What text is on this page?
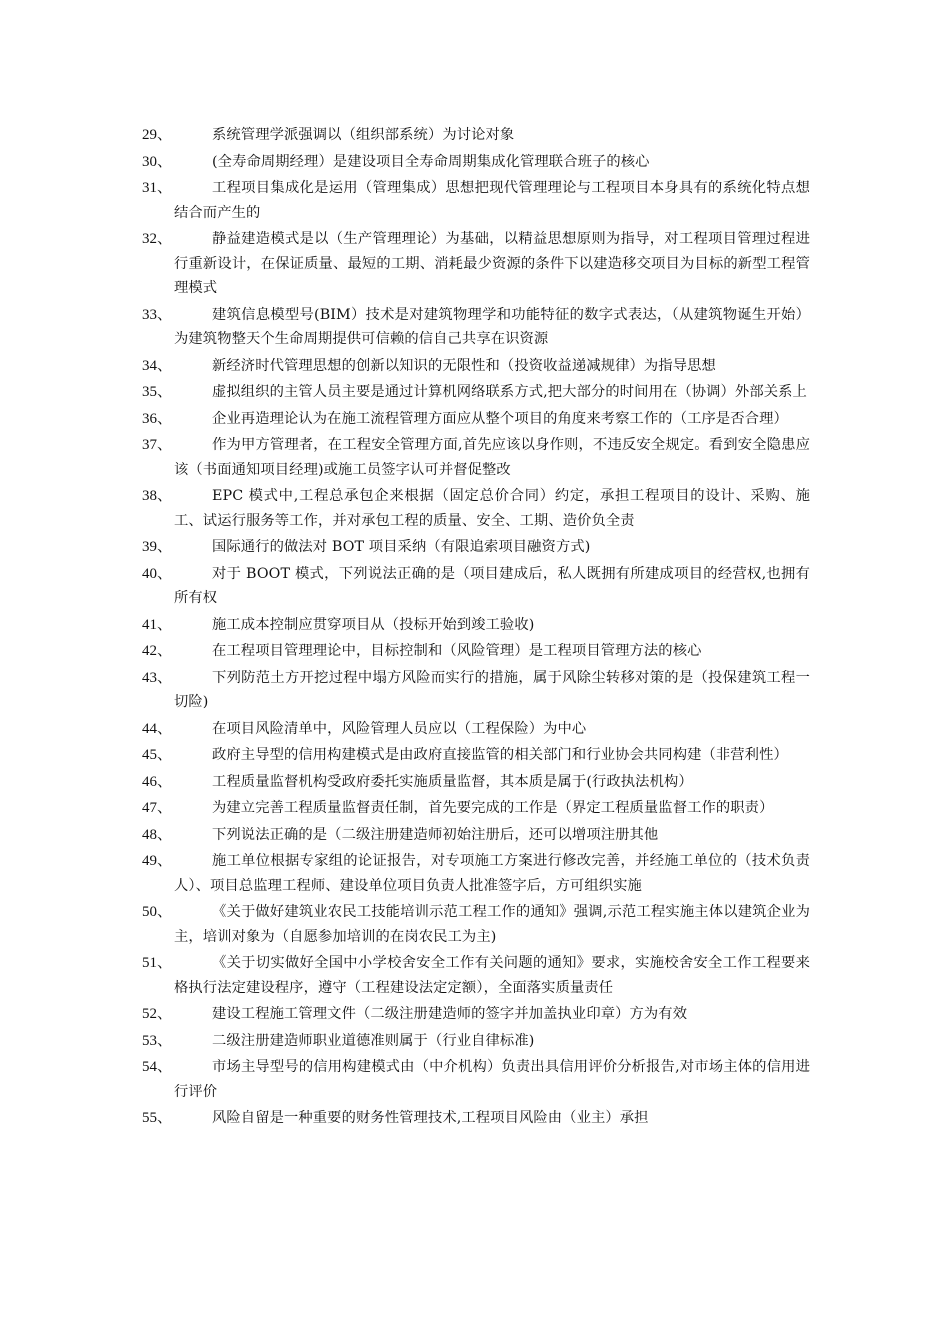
29、	系统管理学派强调以（组织部系统）为讨论对象
30、	(全寿命周期经理）是建设项目全寿命周期集成化管理联合班子的核心
31、	工程项目集成化是运用（管理集成）思想把现代管理理论与工程项目本身具有的系统化特点想结合而产生的
32、	静益建造模式是以（生产管理理论）为基础，以精益思想原则为指导，对工程项目管理过程进行重新设计，在保证质量、最短的工期、消耗最少资源的条件下以建造移交项目为目标的新型工程管理模式
33、	建筑信息模型号(BIM）技术是对建筑物理学和功能特征的数字式表达，（从建筑物诞生开始）为建筑物整天个生命周期提供可信赖的信自己共享在识资源
34、	新经济时代管理思想的创新以知识的无限性和（投资收益递减规律）为指导思想
35、	虚拟组织的主管人员主要是通过计算机网络联系方式,把大部分的时间用在（协调）外部关系上
36、	企业再造理论认为在施工流程管理方面应从整个项目的角度来考察工作的（工序是否合理）
37、	作为甲方管理者，在工程安全管理方面,首先应该以身作则，不违反安全规定。看到安全隐患应该（书面通知项目经理)或施工员签字认可并督促整改
38、	EPC 模式中,工程总承包企来根据（固定总价合同）约定，承担工程项目的设计、采购、施工、试运行服务等工作，并对承包工程的质量、安全、工期、造价负全责
39、	国际通行的做法对 BOT 项目采纳（有限追索项目融资方式)
40、	对于 BOOT 模式，下列说法正确的是（项目建成后，私人既拥有所建成项目的经营权,也拥有所有权
41、	施工成本控制应贯穿项目从（投标开始到竣工验收)
42、	在工程项目管理理论中，目标控制和（风险管理）是工程项目管理方法的核心
43、	下列防范土方开挖过程中塌方风险而实行的措施，属于风除尘转移对策的是（投保建筑工程一切险)
44、	在项目风险清单中，风险管理人员应以（工程保险）为中心
45、	政府主导型的信用构建模式是由政府直接监管的相关部门和行业协会共同构建（非营利性）
46、	工程质量监督机构受政府委托实施质量监督，其本质是属于(行政执法机构）
47、	为建立完善工程质量监督责任制，首先要完成的工作是（界定工程质量监督工作的职责）
48、	下列说法正确的是（二级注册建造师初始注册后，还可以增项注册其他
49、	施工单位根据专家组的论证报告，对专项施工方案进行修改完善，并经施工单位的（技术负责人）、项目总监理工程师、建设单位项目负责人批准签字后，方可组织实施
50、	《关于做好建筑业农民工技能培训示范工程工作的通知》强调,示范工程实施主体以建筑企业为主，培训对象为（自愿参加培训的在岗农民工为主)
51、	《关于切实做好全国中小学校舍安全工作有关问题的通知》要求，实施校舍安全工作工程要来格执行法定建设程序，遵守（工程建设法定定额），全面落实质量责任
52、	建设工程施工管理文件（二级注册建造师的签字并加盖执业印章）方为有效
53、	二级注册建造师职业道德准则属于（行业自律标准)
54、	市场主导型号的信用构建模式由（中介机构）负责出具信用评价分析报告,对市场主体的信用进行评价
55、	风险自留是一种重要的财务性管理技术,工程项目风险由（业主）承担
